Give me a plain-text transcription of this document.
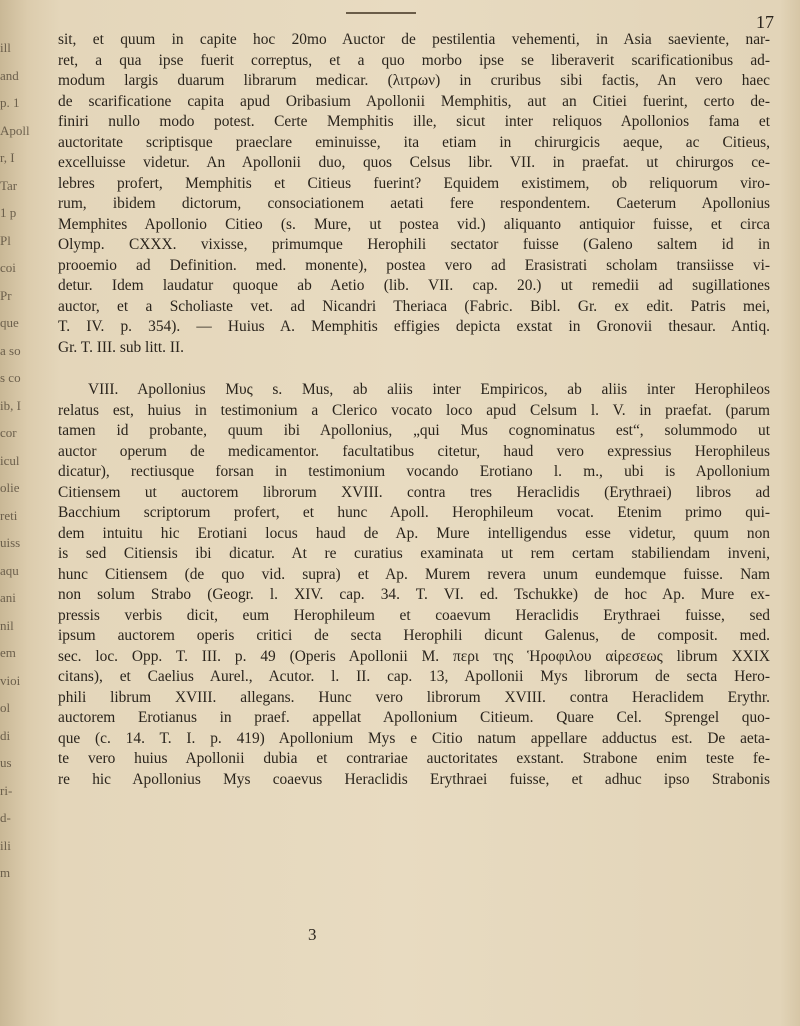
ill
and
p. 1
Apoll
r, I
Tar
1 p
Pl
coi
Pr
que
a so
s co
ib, I
cor
icul
olie
reti
uiss
aqu
ani
nil
em
vioi
ol
di
us
ri-
d-
ili
m
17
sit, et quum in capite hoc 20mo Auctor de pestilentia vehementi, in Asia saeviente, nar-
ret, a qua ipse fuerit correptus, et a quo morbo ipse se liberaverit scarificationibus ad-
modum largis duarum librarum medicar. (λιτρων) in cruribus sibi factis, An vero haec
de scarificatione capita apud Oribasium Apollonii Memphitis, aut an Citiei fuerint, certo de-
finiri nullo modo potest. Certe Memphitis ille, sicut inter reliquos Apollonios fama et
auctoritate scriptisque praeclare eminuisse, ita etiam in chirurgicis aeque, ac Citieus,
excelluisse videtur. An Apollonii duo, quos Celsus libr. VII. in praefat. ut chirurgos ce-
lebres profert, Memphitis et Citieus fuerint? Equidem existimem, ob reliquorum viro-
rum, ibidem dictorum, consociationem aetati fere respondentem. Caeterum Apollonius
Memphites Apollonio Citieo (s. Mure, ut postea vid.) aliquanto antiquior fuisse, et circa
Olymp. CXXX. vixisse, primumque Herophili sectator fuisse (Galeno saltem id in
prooemio ad Definition. med. monente), postea vero ad Erasistrati scholam transiisse vi-
detur. Idem laudatur quoque ab Aetio (lib. VII. cap. 20.) ut remedii ad sugillationes
auctor, et a Scholiaste vet. ad Nicandri Theriaca (Fabric. Bibl. Gr. ex edit. Patris mei,
T. IV. p. 354). — Huius A. Memphitis effigies depicta exstat in Gronovii thesaur. Antiq.
Gr. T. III. sub litt. II.
VIII. Apollonius Μυς s. Mus, ab aliis inter Empiricos, ab aliis inter Herophileos
relatus est, huius in testimonium a Clerico vocato loco apud Celsum l. V. in praefat. (parum
tamen id probante, quum ibi Apollonius, „qui Mus cognominatus est“, solummodo ut
auctor operum de medicamentor. facultatibus citetur, haud vero expressius Herophileus
dicatur), rectiusque forsan in testimonium vocando Erotiano l. m., ubi is Apollonium
Citiensem ut auctorem librorum XVIII. contra tres Heraclidis (Erythraei) libros ad
Bacchium scriptorum profert, et hunc Apoll. Herophileum vocat. Etenim primo qui-
dem intuitu hic Erotiani locus haud de Ap. Mure intelligendus esse videtur, quum non
is sed Citiensis ibi dicatur. At re curatius examinata ut rem certam stabiliendam inveni,
hunc Citiensem (de quo vid. supra) et Ap. Murem revera unum eundemque fuisse. Nam
non solum Strabo (Geogr. l. XIV. cap. 34. T. VI. ed. Tschukke) de hoc Ap. Mure ex-
pressis verbis dicit, eum Herophileum et coaevum Heraclidis Erythraei fuisse, sed
ipsum auctorem operis critici de secta Herophili dicunt Galenus, de composit. med.
sec. loc. Opp. T. III. p. 49 (Operis Apollonii M. περι της Ἡροφιλου αἱρεσεως librum XXIX
citans), et Caelius Aurel., Acutor. l. II. cap. 13, Apollonii Mys librorum de secta Hero-
phili librum XVIII. allegans. Hunc vero librorum XVIII. contra Heraclidem Erythr.
auctorem Erotianus in praef. appellat Apollonium Citieum. Quare Cel. Sprengel quo-
que (c. 14. T. I. p. 419) Apollonium Mys e Citio natum appellare adductus est. De aeta-
te vero huius Apollonii dubia et contrariae auctoritates exstant. Strabone enim teste fe-
re hic Apollonius Mys coaevus Heraclidis Erythraei fuisse, et adhuc ipso Strabonis
3
